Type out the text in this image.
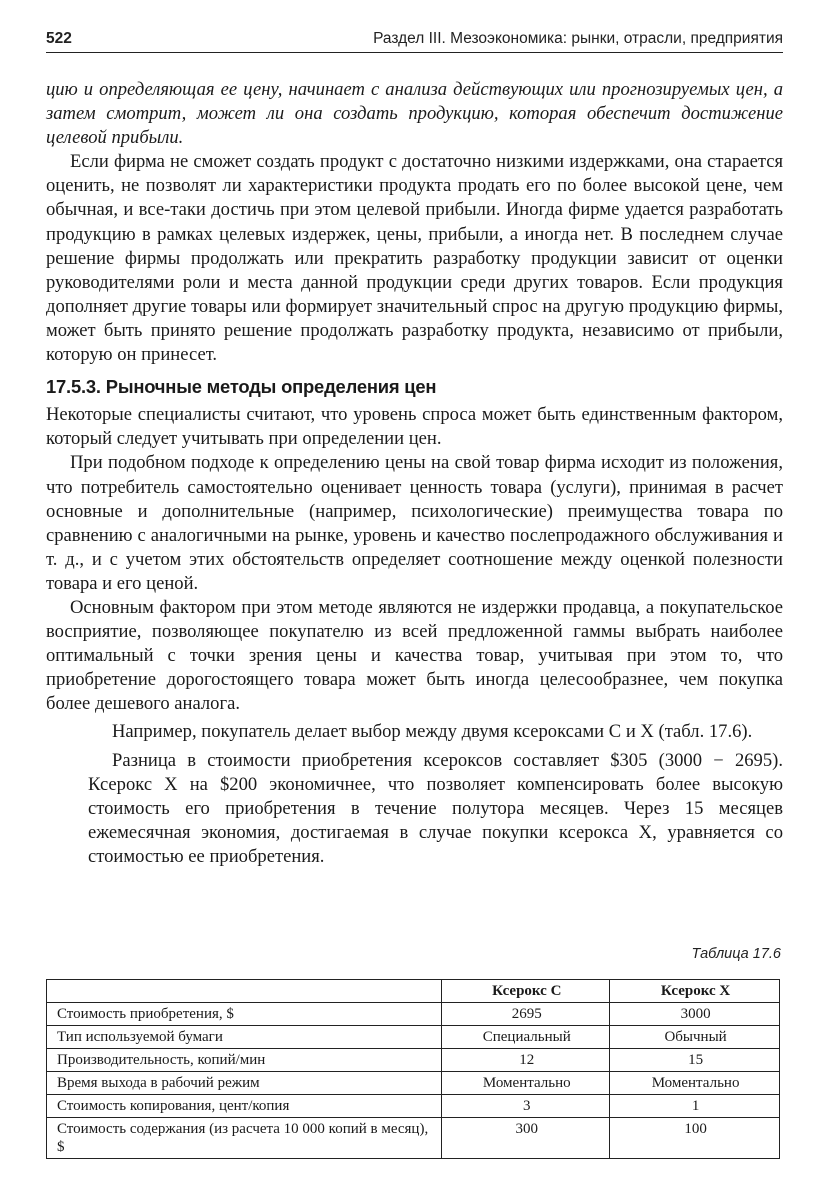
522	Раздел III. Мезоэкономика: рынки, отрасли, предприятия

цию и определяющая ее цену, начинает с анализа действующих или прогнозируемых цен, а затем смотрит, может ли она создать продукцию, которая обеспечит достижение целевой прибыли.

Если фирма не сможет создать продукт с достаточно низкими издержками, она старается оценить, не позволят ли характеристики продукта продать его по более высокой цене, чем обычная, и все-таки достичь при этом целевой прибыли. Иногда фирме удается разработать продукцию в рамках целевых издержек, цены, прибыли, а иногда нет. В последнем случае решение фирмы продолжать или прекратить разработку продукции зависит от оценки руководителями роли и места данной продукции среди других товаров. Если продукция дополняет другие товары или формирует значительный спрос на другую продукцию фирмы, может быть принято решение продолжать разработку продукта, независимо от прибыли, которую он принесет.

17.5.3. Рыночные методы определения цен

Некоторые специалисты считают, что уровень спроса может быть единственным фактором, который следует учитывать при определении цен.

При подобном подходе к определению цены на свой товар фирма исходит из положения, что потребитель самостоятельно оценивает ценность товара (услуги), принимая в расчет основные и дополнительные (например, психологические) преимущества товара по сравнению с аналогичными на рынке, уровень и качество послепродажного обслуживания и т. д., и с учетом этих обстоятельств определяет соотношение между оценкой полезности товара и его ценой.

Основным фактором при этом методе являются не издержки продавца, а покупательское восприятие, позволяющее покупателю из всей предложенной гаммы выбрать наиболее оптимальный с точки зрения цены и качества товар, учитывая при этом то, что приобретение дорогостоящего товара может быть иногда целесообразнее, чем покупка более дешевого аналога.

Например, покупатель делает выбор между двумя ксероксами C и X (табл. 17.6).

Разница в стоимости приобретения ксероксов составляет $305 (3000 − 2695). Ксерокс X на $200 экономичнее, что позволяет компенсировать более высокую стоимость его приобретения в течение полутора месяцев. Через 15 месяцев ежемесячная экономия, достигаемая в случае покупки ксерокса X, уравняется со стоимостью ее приобретения.

Таблица 17.6
	Ксерокс C	Ксерокс X
Стоимость приобретения, $	2695	3000
Тип используемой бумаги	Специальный	Обычный
Производительность, копий/мин	12	15
Время выхода в рабочий режим	Моментально	Моментально
Стоимость копирования, цент/копия	3	1
Стоимость содержания (из расчета 10 000 копий в месяц), $	300	100
